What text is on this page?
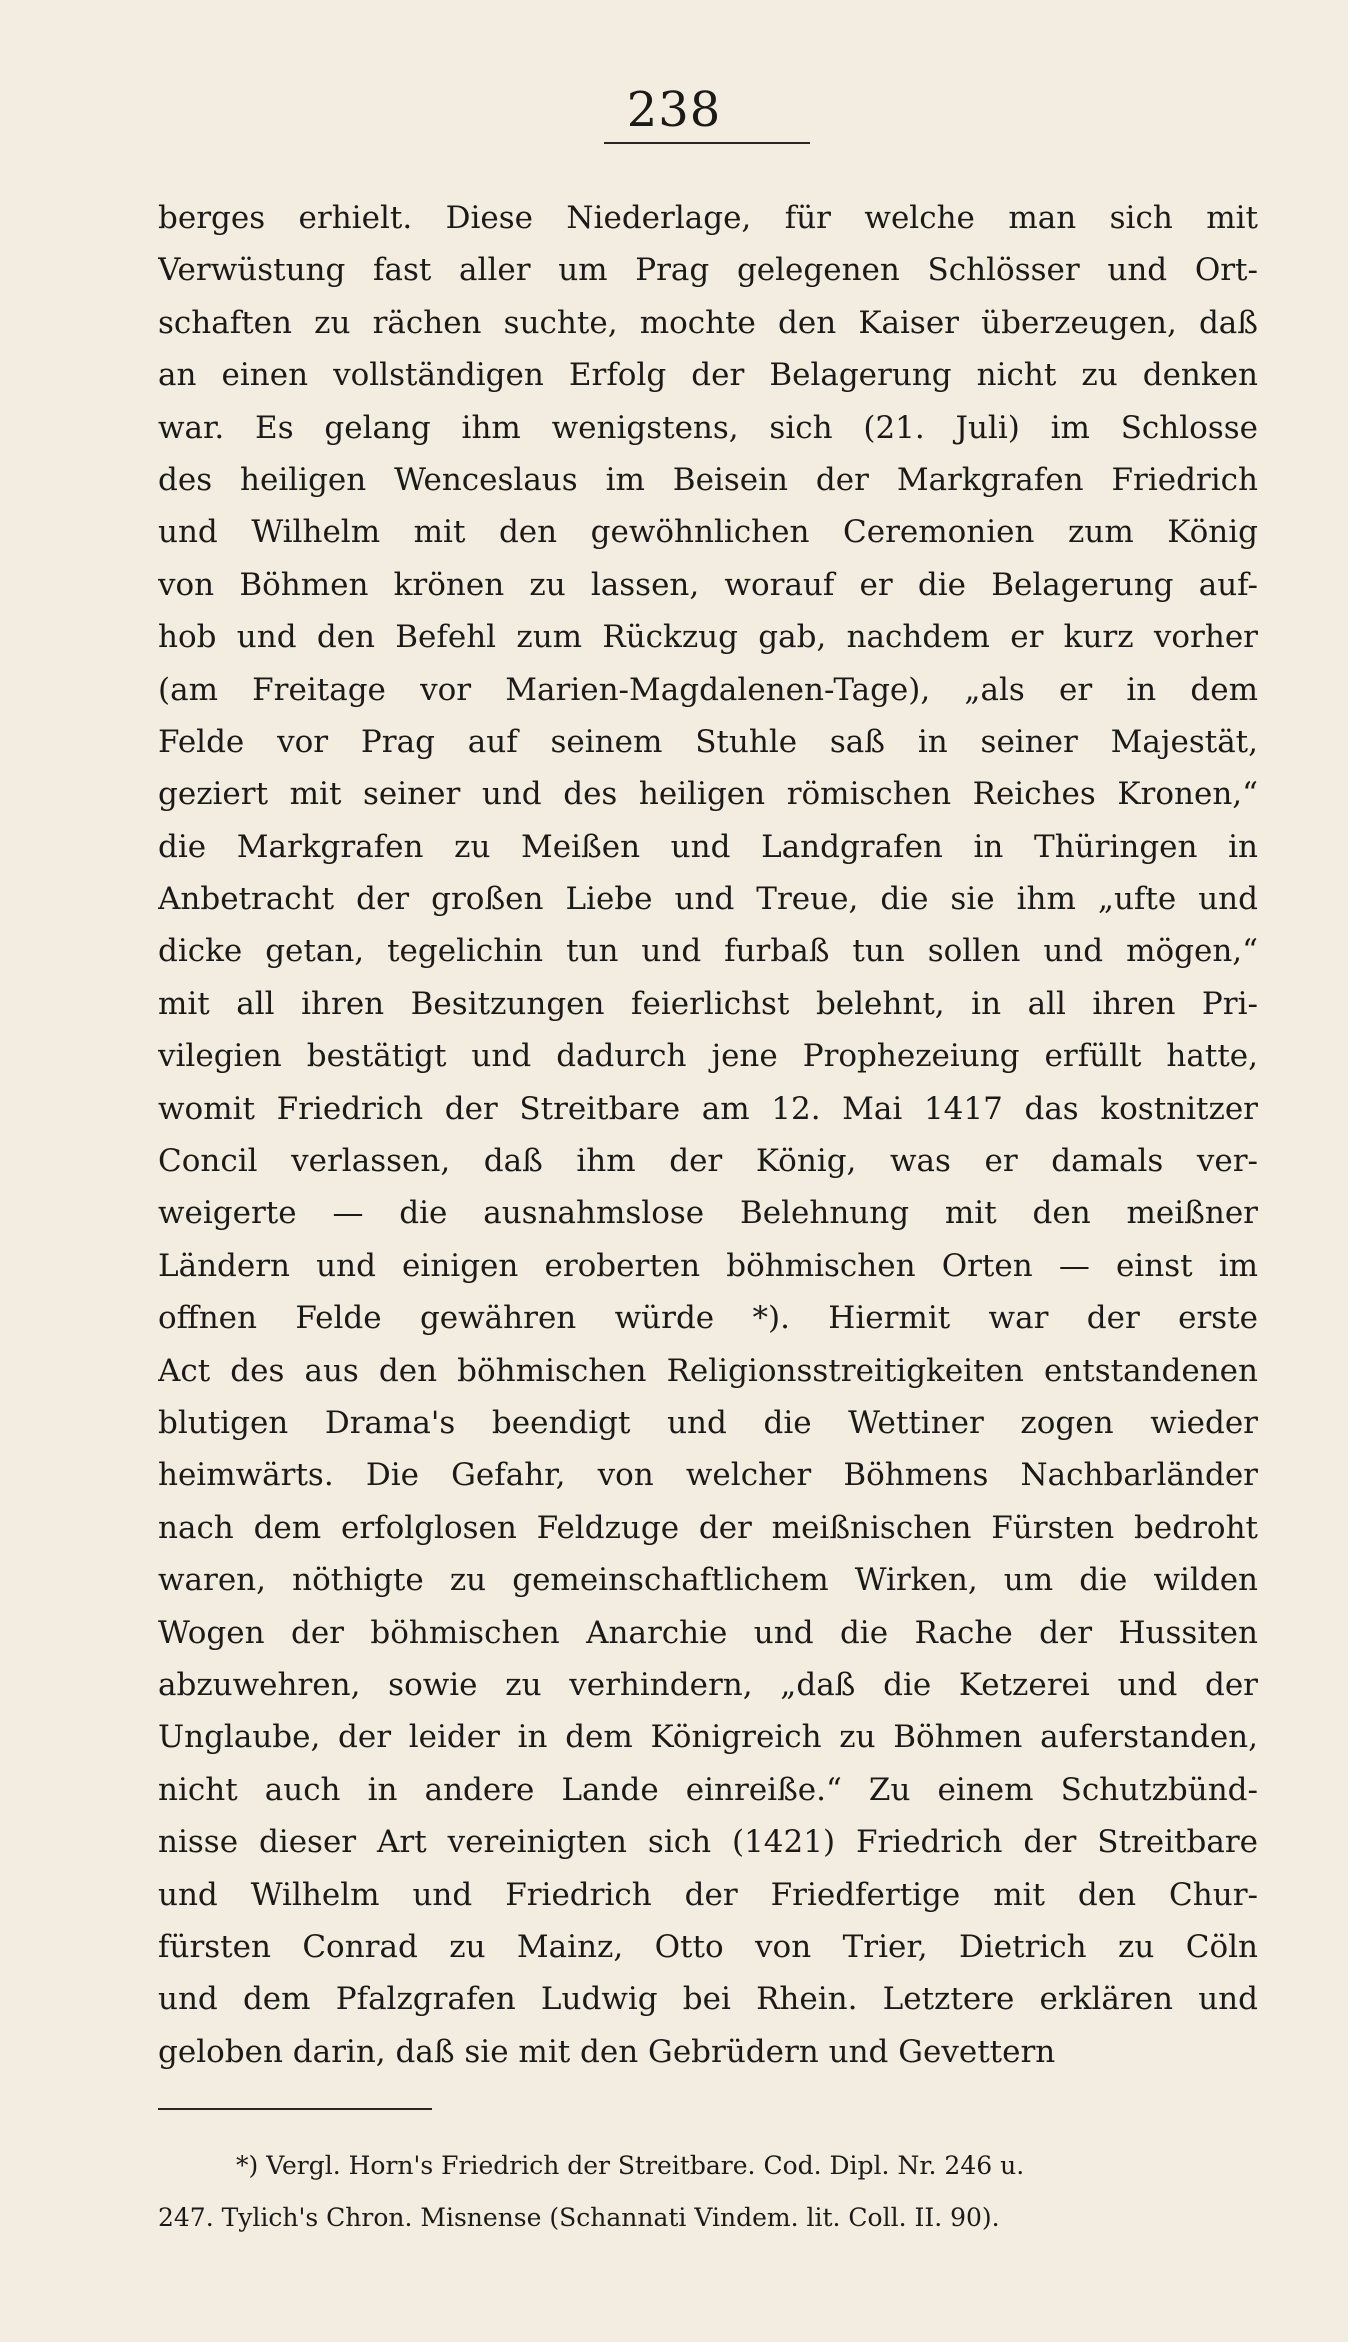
238
berges erhielt. Diese Niederlage, für welche man sich mit
Verwüstung fast aller um Prag gelegenen Schlösser und Ort-
schaften zu rächen suchte, mochte den Kaiser überzeugen, daß
an einen vollständigen Erfolg der Belagerung nicht zu denken
war. Es gelang ihm wenigstens, sich (21. Juli) im Schlosse
des heiligen Wenceslaus im Beisein der Markgrafen Friedrich
und Wilhelm mit den gewöhnlichen Ceremonien zum König
von Böhmen krönen zu lassen, worauf er die Belagerung auf-
hob und den Befehl zum Rückzug gab, nachdem er kurz vorher
(am Freitage vor Marien-Magdalenen-Tage), „als er in dem
Felde vor Prag auf seinem Stuhle saß in seiner Majestät,
geziert mit seiner und des heiligen römischen Reiches Kronen,“
die Markgrafen zu Meißen und Landgrafen in Thüringen in
Anbetracht der großen Liebe und Treue, die sie ihm „ufte und
dicke getan, tegelichin tun und furbaß tun sollen und mögen,“
mit all ihren Besitzungen feierlichst belehnt, in all ihren Pri-
vilegien bestätigt und dadurch jene Prophezeiung erfüllt hatte,
womit Friedrich der Streitbare am 12. Mai 1417 das kostnitzer
Concil verlassen, daß ihm der König, was er damals ver-
weigerte — die ausnahmslose Belehnung mit den meißner
Ländern und einigen eroberten böhmischen Orten — einst im
offnen Felde gewähren würde *). Hiermit war der erste
Act des aus den böhmischen Religionsstreitigkeiten entstandenen
blutigen Drama's beendigt und die Wettiner zogen wieder
heimwärts. Die Gefahr, von welcher Böhmens Nachbarländer
nach dem erfolglosen Feldzuge der meißnischen Fürsten bedroht
waren, nöthigte zu gemeinschaftlichem Wirken, um die wilden
Wogen der böhmischen Anarchie und die Rache der Hussiten
abzuwehren, sowie zu verhindern, „daß die Ketzerei und der
Unglaube, der leider in dem Königreich zu Böhmen auferstanden,
nicht auch in andere Lande einreiße.“ Zu einem Schutzbünd-
nisse dieser Art vereinigten sich (1421) Friedrich der Streitbare
und Wilhelm und Friedrich der Friedfertige mit den Chur-
fürsten Conrad zu Mainz, Otto von Trier, Dietrich zu Cöln
und dem Pfalzgrafen Ludwig bei Rhein. Letztere erklären und
geloben darin, daß sie mit den Gebrüdern und Gevettern
*) Vergl. Horn's Friedrich der Streitbare. Cod. Dipl. Nr. 246 u.
247. Tylich's Chron. Misnense (Schannati Vindem. lit. Coll. II. 90).
